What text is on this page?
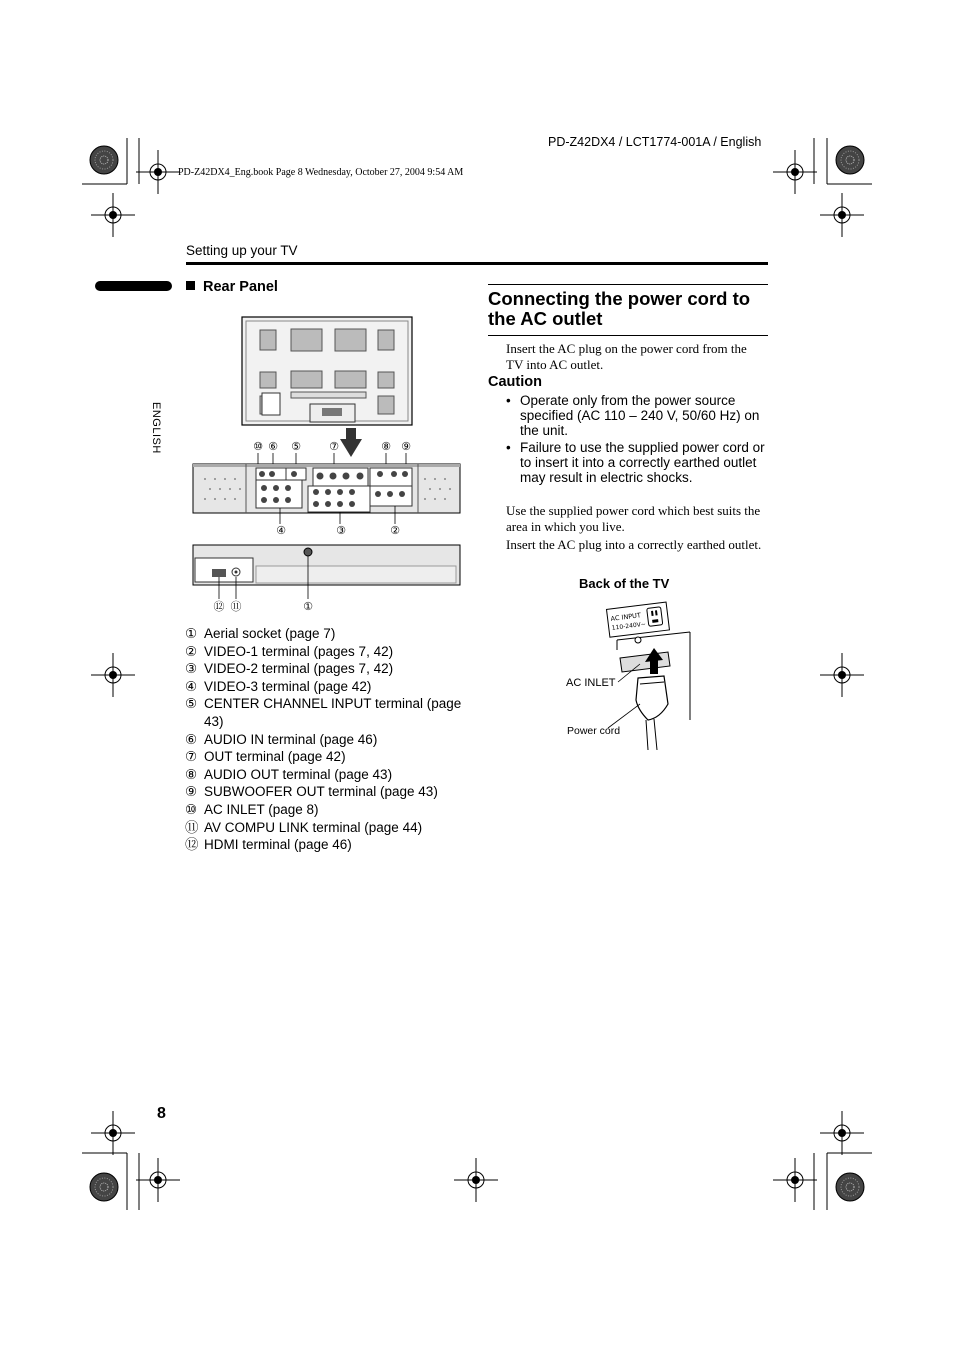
PD-Z42DX4 / LCT1774-001A / English
PD-Z42DX4_Eng.book Page 8 Wednesday, October 27, 2004 9:54 AM
Setting up your TV
ENGLISH
Rear Panel
⑩ ⑥ ⑤	⑦	⑧ ⑨
④	③	②
⑫ ⑪	①
① Aerial socket (page 7)
② VIDEO-1 terminal (pages 7, 42)
③ VIDEO-2 terminal (pages 7, 42)
④ VIDEO-3 terminal (page 42)
⑤ CENTER CHANNEL INPUT terminal (page 43)
⑥ AUDIO IN terminal (page 46)
⑦ OUT terminal (page 42)
⑧ AUDIO OUT terminal (page 43)
⑨ SUBWOOFER OUT terminal (page 43)
⑩ AC INLET (page 8)
⑪ AV COMPU LINK terminal (page 44)
⑫ HDMI terminal (page 46)
Connecting the power cord to the AC outlet
Insert the AC plug on the power cord from the TV into AC outlet.
Caution
• Operate only from the power source specified (AC 110 – 240 V, 50/60 Hz) on the unit.
• Failure to use the supplied power cord or to insert it into a correctly earthed outlet may result in electric shocks.
Use the supplied power cord which best suits the area in which you live.
Insert the AC plug into a correctly earthed outlet.
Back of the TV
AC INPUT
110-240V~
AC INLET
Power cord
8
